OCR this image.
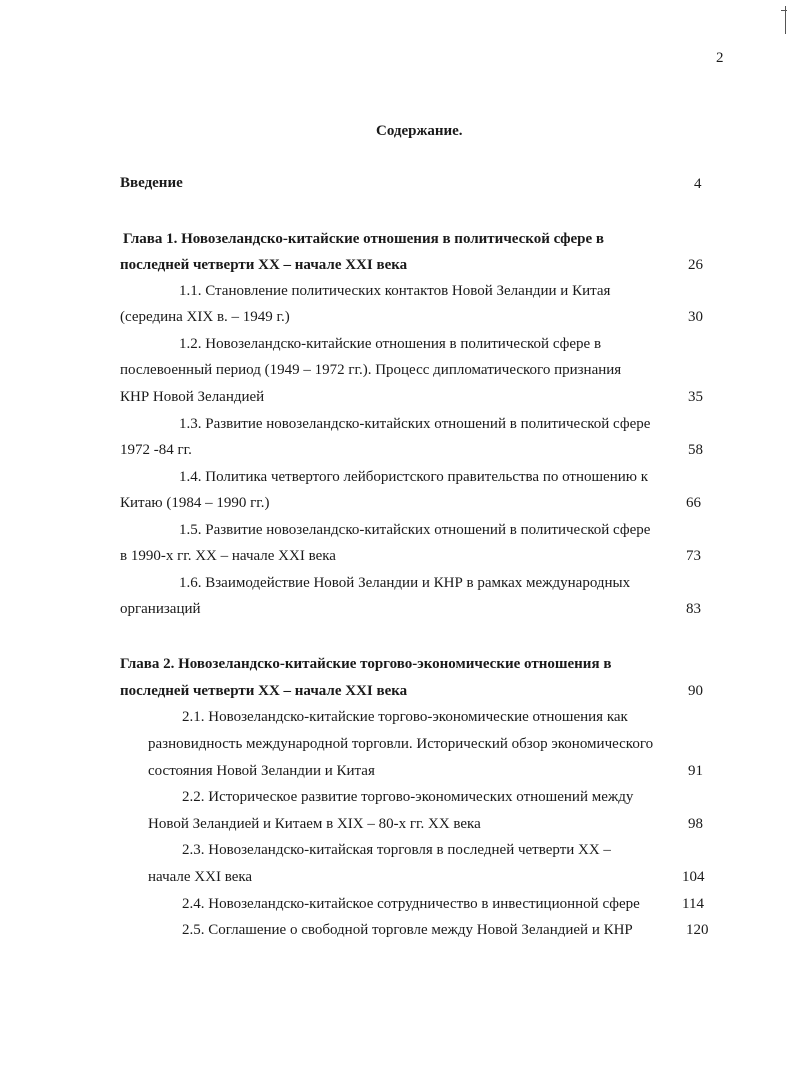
2
Содержание.
Введение	4
Глава 1. Новозеландско-китайские отношения в политической сфере в
последней четверти XX – начале XXI века	26
1.1. Становление политических контактов Новой Зеландии и Китая
(середина XIX в. – 1949 г.)	30
1.2. Новозеландско-китайские отношения в политической сфере в
послевоенный период (1949 – 1972 гг.). Процесс дипломатического признания
КНР Новой Зеландией	35
1.3. Развитие новозеландско-китайских отношений в политической сфере
1972 -84 гг.	58
1.4. Политика четвертого лейбористского правительства по отношению к
Китаю (1984 – 1990 гг.)	66
1.5. Развитие новозеландско-китайских отношений в политической сфере
в 1990-х гг. XX – начале XXI века	73
1.6. Взаимодействие Новой Зеландии и КНР в рамках международных
организаций	83
Глава 2. Новозеландско-китайские торгово-экономические отношения в
последней четверти XX – начале XXI века	90
2.1. Новозеландско-китайские торгово-экономические отношения как
разновидность международной торговли. Исторический обзор экономического
состояния Новой Зеландии и Китая	91
2.2. Историческое развитие торгово-экономических отношений между
Новой Зеландией и Китаем в XIX – 80-х гг. XX века	98
2.3. Новозеландско-китайская торговля в последней четверти XX –
начале XXI века	104
2.4. Новозеландско-китайское сотрудничество в инвестиционной сфере	114
2.5. Соглашение о свободной торговле между Новой Зеландией и КНР	120
